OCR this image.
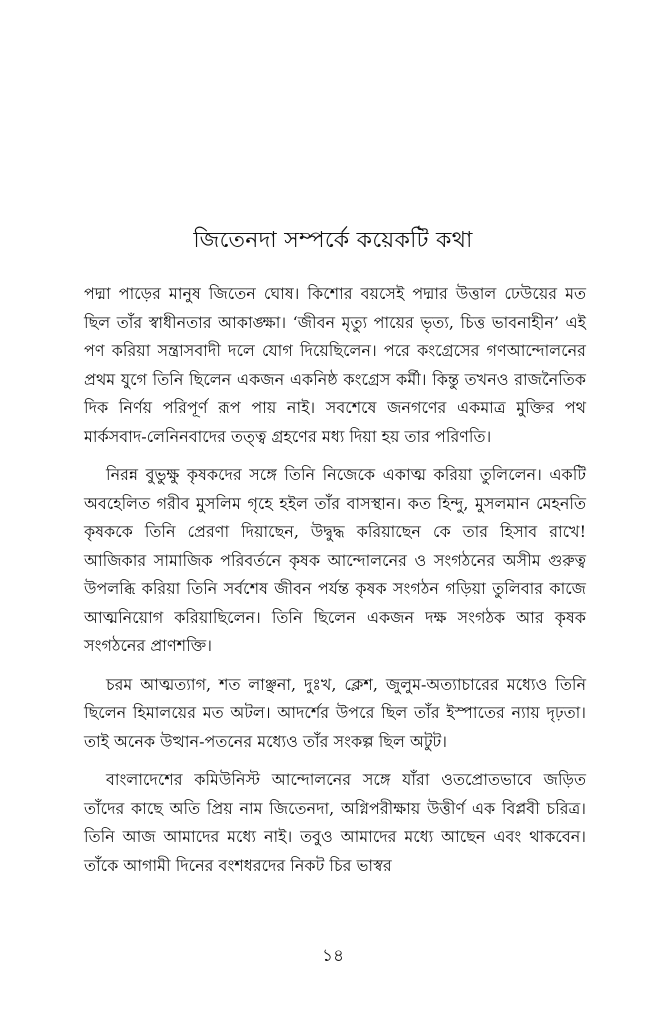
জিতেনদা সম্পর্কে কয়েকটি কথা

পদ্মা পাড়ের মানুষ জিতেন ঘোষ। কিশোর বয়সেই পদ্মার উত্তাল ঢেউয়ের মত ছিল তাঁর স্বাধীনতার আকাঙ্ক্ষা। ‘জীবন মৃত্যু পায়ের ভৃত্য, চিত্ত ভাবনাহীন’ এই পণ করিয়া সন্ত্রাসবাদী দলে যোগ দিয়েছিলেন। পরে কংগ্রেসের গণআন্দোলনের প্রথম যুগে তিনি ছিলেন একজন একনিষ্ঠ কংগ্রেস কর্মী। কিন্তু তখনও রাজনৈতিক দিক নির্ণয় পরিপূর্ণ রূপ পায় নাই। সবশেষে জনগণের একমাত্র মুক্তির পথ মার্কসবাদ-লেনিনবাদের তত্ত্ব গ্রহণের মধ্য দিয়া হয় তার পরিণতি।

নিরন্ন বুভুক্ষু কৃষকদের সঙ্গে তিনি নিজেকে একাত্ম করিয়া তুলিলেন। একটি অবহেলিত গরীব মুসলিম গৃহে হইল তাঁর বাসস্থান। কত হিন্দু, মুসলমান মেহনতি কৃষককে তিনি প্রেরণা দিয়াছেন, উদ্বুদ্ধ করিয়াছেন কে তার হিসাব রাখে! আজিকার সামাজিক পরিবর্তনে কৃষক আন্দোলনের ও সংগঠনের অসীম গুরুত্ব উপলব্ধি করিয়া তিনি সর্বশেষ জীবন পর্যন্ত কৃষক সংগঠন গড়িয়া তুলিবার কাজে আত্মনিয়োগ করিয়াছিলেন। তিনি ছিলেন একজন দক্ষ সংগঠক আর কৃষক সংগঠনের প্রাণশক্তি।

চরম আত্মত্যাগ, শত লাঞ্ছনা, দুঃখ, ক্লেশ, জুলুম-অত্যাচারের মধ্যেও তিনি ছিলেন হিমালয়ের মত অটল। আদর্শের উপরে ছিল তাঁর ইস্পাতের ন্যায় দৃঢ়তা। তাই অনেক উত্থান-পতনের মধ্যেও তাঁর সংকল্প ছিল অটুট।

বাংলাদেশের কমিউনিস্ট আন্দোলনের সঙ্গে যাঁরা ওতপ্রোতভাবে জড়িত তাঁদের কাছে অতি প্রিয় নাম জিতেনদা, অগ্নিপরীক্ষায় উত্তীর্ণ এক বিপ্লবী চরিত্র। তিনি আজ আমাদের মধ্যে নাই। তবুও আমাদের মধ্যে আছেন এবং থাকবেন। তাঁকে আগামী দিনের বংশধরদের নিকট চির ভাস্বর

১৪
